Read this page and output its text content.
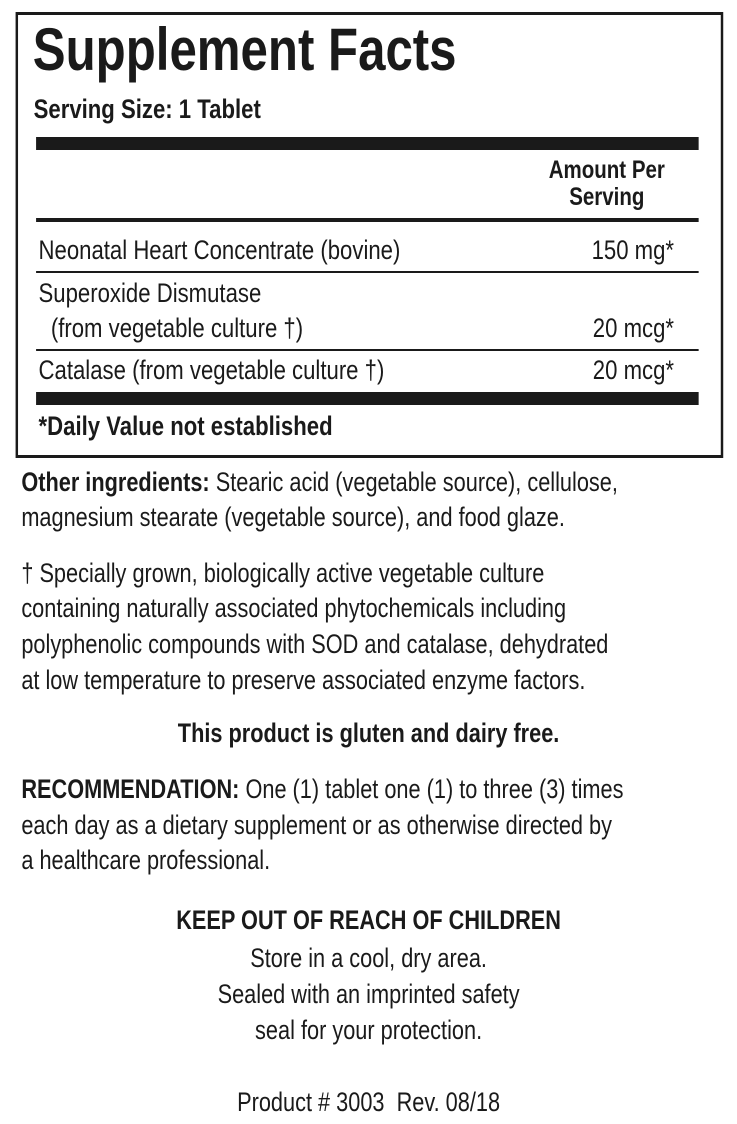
Supplement Facts
Serving Size: 1 Tablet
Amount Per
Serving
Neonatal Heart Concentrate (bovine)	150 mg*
Superoxide Dismutase
(from vegetable culture †)	20 mcg*
Catalase (from vegetable culture †)	20 mcg*
*Daily Value not established
Other ingredients: Stearic acid (vegetable source), cellulose,
magnesium stearate (vegetable source), and food glaze.
† Specially grown, biologically active vegetable culture
containing naturally associated phytochemicals including
polyphenolic compounds with SOD and catalase, dehydrated
at low temperature to preserve associated enzyme factors.
This product is gluten and dairy free.
RECOMMENDATION: One (1) tablet one (1) to three (3) times
each day as a dietary supplement or as otherwise directed by
a healthcare professional.
KEEP OUT OF REACH OF CHILDREN
Store in a cool, dry area.
Sealed with an imprinted safety
seal for your protection.
Product # 3003  Rev. 08/18
